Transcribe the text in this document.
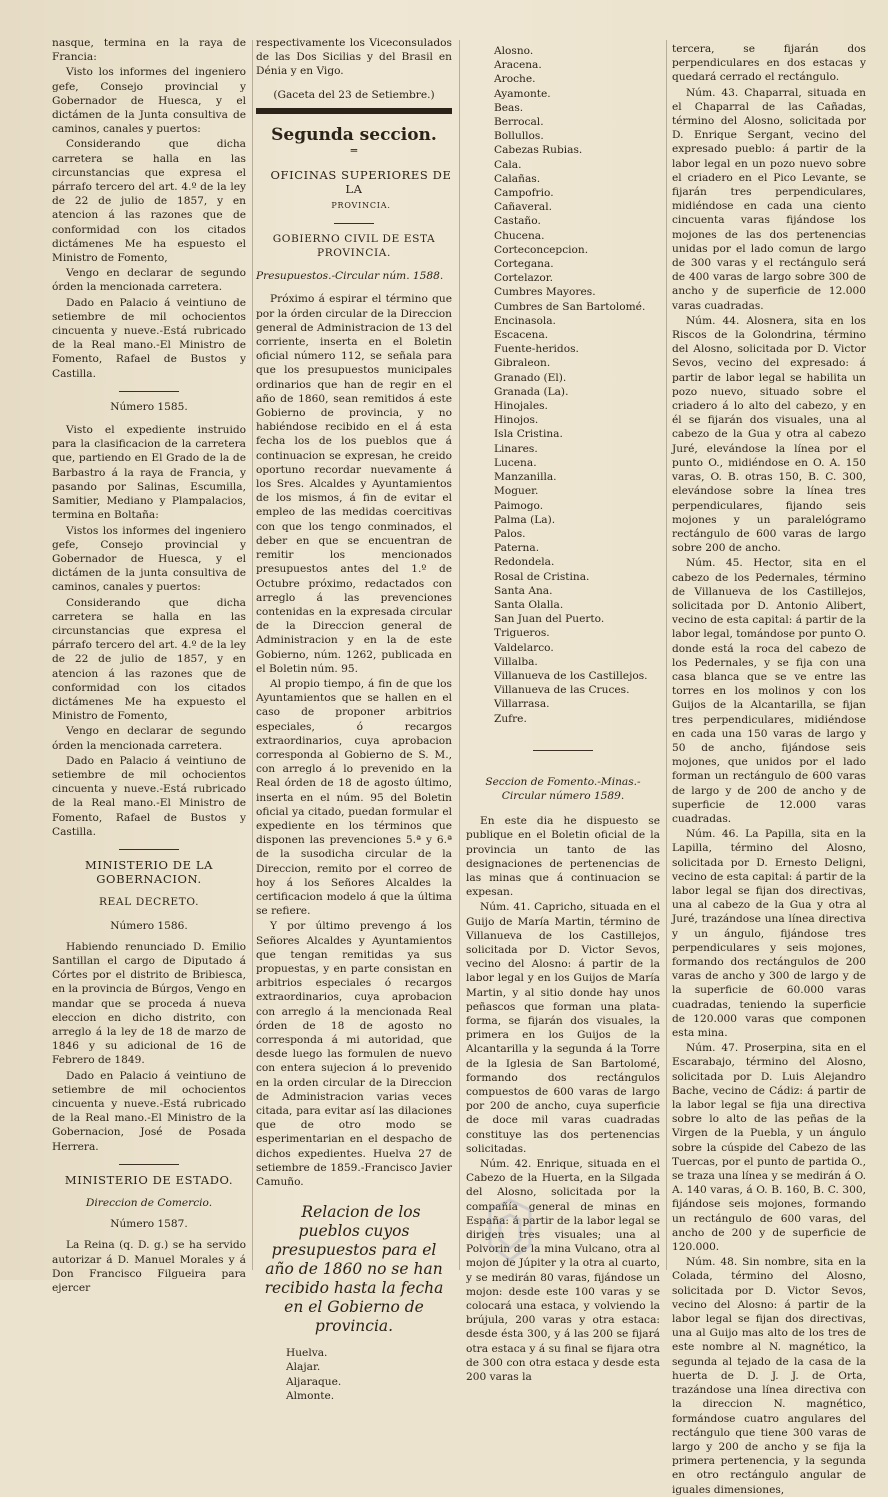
nasque, termina en la raya de Francia:

Visto los informes del ingeniero gefe, Consejo provincial y Gobernador de Huesca, y el dictámen de la Junta consultiva de caminos, canales y puertos:

Considerando que dicha carretera se halla en las circunstancias que expresa el párrafo tercero del art. 4.º de la ley de 22 de julio de 1857, y en atencion á las razones que de conformidad con los citados dictámenes Me ha espuesto el Ministro de Fomento,

Vengo en declarar de segundo órden la mencionada carretera.

Dado en Palacio á veintiuno de setiembre de mil ochocientos cincuenta y nueve.-Está rubricado de la Real mano.-El Ministro de Fomento, Rafael de Bustos y Castilla.

Número 1585.

Visto el expediente instruido para la clasificacion de la carretera que, partiendo en El Grado de la de Barbastro á la raya de Francia, y pasando por Salinas, Escumilla, Samitier, Mediano y Plampalacios, termina en Boltaña:

Vistos los informes del ingeniero gefe, Consejo provincial y Gobernador de Huesca, y el dictámen de la junta consultiva de caminos, canales y puertos:

Considerando que dicha carretera se halla en las circunstancias que expresa el párrafo tercero del art. 4.º de la ley de 22 de julio de 1857, y en atencion á las razones que de conformidad con los citados dictámenes Me ha expuesto el Ministro de Fomento,

Vengo en declarar de segundo órden la mencionada carretera.

Dado en Palacio á veintiuno de setiembre de mil ochocientos cincuenta y nueve.-Está rubricado de la Real mano.-El Ministro de Fomento, Rafael de Bustos y Castilla.

MINISTERIO DE LA GOBERNACION.

REAL DECRETO.

Número 1586.

Habiendo renunciado D. Emilio Santillan el cargo de Diputado á Córtes por el distrito de Bribiesca, en la provincia de Búrgos, Vengo en mandar que se proceda á nueva eleccion en dicho distrito, con arreglo á la ley de 18 de marzo de 1846 y su adicional de 16 de Febrero de 1849.

Dado en Palacio á veintiuno de setiembre de mil ochocientos cincuenta y nueve.-Está rubricado de la Real mano.-El Ministro de la Gobernacion, José de Posada Herrera.

MINISTERIO DE ESTADO.

Direccion de Comercio.

Número 1587.

La Reina (q. D. g.) se ha servido autorizar á D. Manuel Morales y á Don Francisco Filgueira para ejercer

respectivamente los Viceconsulados de las Dos Sicilias y del Brasil en Dénia y en Vigo.

(Gaceta del 23 de Setiembre.)

Segunda seccion.
═

OFICINAS SUPERIORES DE LA

PROVINCIA.

GOBIERNO CIVIL DE ESTA PROVINCIA.

Presupuestos.-Circular núm. 1588.

Próximo á espirar el término que por la órden circular de la Direccion general de Administracion de 13 del corriente, inserta en el Boletin oficial número 112, se señala para que los presupuestos municipales ordinarios que han de regir en el año de 1860, sean remitidos á este Gobierno de provincia, y no habiéndose recibido en el á esta fecha los de los pueblos que á continuacion se expresan, he creido oportuno recordar nuevamente á los Sres. Alcaldes y Ayuntamientos de los mismos, á fin de evitar el empleo de las medidas coercitivas con que los tengo conminados, el deber en que se encuentran de remitir los mencionados presupuestos antes del 1.º de Octubre próximo, redactados con arreglo á las prevenciones contenidas en la expresada circular de la Direccion general de Administracion y en la de este Gobierno, núm. 1262, publicada en el Boletin núm. 95.

Al propio tiempo, á fin de que los Ayuntamientos que se hallen en el caso de proponer arbitrios especiales, ó recargos extraordinarios, cuya aprobacion corresponda al Gobierno de S. M., con arreglo á lo prevenido en la Real órden de 18 de agosto último, inserta en el núm. 95 del Boletin oficial ya citado, puedan formular el expediente en los términos que disponen las prevenciones 5.ª y 6.ª de la susodicha circular de la Direccion, remito por el correo de hoy á los Señores Alcaldes la certificacion modelo á que la última se refiere.

Y por último prevengo á los Señores Alcaldes y Ayuntamientos que tengan remitidas ya sus propuestas, y en parte consistan en arbitrios especiales ó recargos extraordinarios, cuya aprobacion con arreglo á la mencionada Real órden de 18 de agosto no corresponda á mi autoridad, que desde luego las formulen de nuevo con entera sujecion á lo prevenido en la orden circular de la Direccion de Administracion varias veces citada, para evitar así las dilaciones que de otro modo se esperimentarian en el despacho de dichos expedientes. Huelva 27 de setiembre de 1859.-Francisco Javier Camuño.

Relacion de los pueblos cuyos presupuestos para el año de 1860 no se han recibido hasta la fecha en el Gobierno de provincia.

Huelva.
Alajar.
Aljaraque.
Almonte.
Alosno.
Aracena.
Aroche.
Ayamonte.
Beas.
Berrocal.
Bollullos.
Cabezas Rubias.
Cala.
Calañas.
Campofrio.
Cañaveral.
Castaño.
Chucena.
Corteconcepcion.
Cortegana.
Cortelazor.
Cumbres Mayores.
Cumbres de San Bartolomé.
Encinasola.
Escacena.
Fuente-heridos.
Gibraleon.
Granado (El).
Granada (La).
Hinojales.
Hinojos.
Isla Cristina.
Linares.
Lucena.
Manzanilla.
Moguer.
Paimogo.
Palma (La).
Palos.
Paterna.
Redondela.
Rosal de Cristina.
Santa Ana.
Santa Olalla.
San Juan del Puerto.
Trigueros.
Valdelarco.
Villalba.
Villanueva de los Castillejos.
Villanueva de las Cruces.
Villarrasa.
Zufre.

Seccion de Fomento.-Minas.-Circular número 1589.

En este dia he dispuesto se publique en el Boletin oficial de la provincia un tanto de las designaciones de pertenencias de las minas que á continuacion se expesan.

Núm. 41. Capricho, situada en el Guijo de María Martin, término de Villanueva de los Castillejos, solicitada por D. Victor Sevos, vecino del Alosno: á partir de la labor legal y en los Guijos de María Martin, y al sitio donde hay unos peñascos que forman una plata-forma, se fijarán dos visuales, la primera en los Guijos de la Alcantarilla y la segunda á la Torre de la Iglesia de San Bartolomé, formando dos rectángulos compuestos de 600 varas de largo por 200 de ancho, cuya superficie de doce mil varas cuadradas constituye las dos pertenencias solicitadas.

Núm. 42. Enrique, situada en el Cabezo de la Huerta, en la Silgada del Alosno, solicitada por la compañía general de minas en España: á partir de la labor legal se dirigen tres visuales; una al Polvorin de la mina Vulcano, otra al mojon de Júpiter y la otra al cuarto, y se medirán 80 varas, fijándose un mojon: desde este 100 varas y se colocará una estaca, y volviendo la brújula, 200 varas y otra estaca: desde ésta 300, y á las 200 se fijará otra estaca y á su final se fijara otra de 300 con otra estaca y desde esta 200 varas la

tercera, se fijarán dos perpendiculares en dos estacas y quedará cerrado el rectángulo.

Núm. 43. Chaparral, situada en el Chaparral de las Cañadas, término del Alosno, solicitada por D. Enrique Sergant, vecino del expresado pueblo: á partir de la labor legal en un pozo nuevo sobre el criadero en el Pico Levante, se fijarán tres perpendiculares, midiéndose en cada una ciento cincuenta varas fijándose los mojones de las dos pertenencias unidas por el lado comun de largo de 300 varas y el rectángulo será de 400 varas de largo sobre 300 de ancho y de superficie de 12.000 varas cuadradas.

Núm. 44. Alosnera, sita en los Riscos de la Golondrina, término del Alosno, solicitada por D. Victor Sevos, vecino del expresado: á partir de labor legal se habilita un pozo nuevo, situado sobre el criadero á lo alto del cabezo, y en él se fijarán dos visuales, una al cabezo de la Gua y otra al cabezo Juré, elevándose la línea por el punto O., midiéndose en O. A. 150 varas, O. B. otras 150, B. C. 300, elevándose sobre la línea tres perpendiculares, fijando seis mojones y un paralelógramo rectángulo de 600 varas de largo sobre 200 de ancho.

Núm. 45. Hector, sita en el cabezo de los Pedernales, término de Villanueva de los Castillejos, solicitada por D. Antonio Alibert, vecino de esta capital: á partir de la labor legal, tomándose por punto O. donde está la roca del cabezo de los Pedernales, y se fija con una casa blanca que se ve entre las torres en los molinos y con los Guijos de la Alcantarilla, se fijan tres perpendiculares, midiéndose en cada una 150 varas de largo y 50 de ancho, fijándose seis mojones, que unidos por el lado forman un rectángulo de 600 varas de largo y de 200 de ancho y de superficie de 12.000 varas cuadradas.

Núm. 46. La Papilla, sita en la Lapilla, término del Alosno, solicitada por D. Ernesto Deligni, vecino de esta capital: á partir de la labor legal se fijan dos directivas, una al cabezo de la Gua y otra al Juré, trazándose una línea directiva y un ángulo, fijándose tres perpendiculares y seis mojones, formando dos rectángulos de 200 varas de ancho y 300 de largo y de la superficie de 60.000 varas cuadradas, teniendo la superficie de 120.000 varas que componen esta mina.

Núm. 47. Proserpina, sita en el Escarabajo, término del Alosno, solicitada por D. Luis Alejandro Bache, vecino de Cádiz: á partir de la labor legal se fija una directiva sobre lo alto de las peñas de la Virgen de la Puebla, y un ángulo sobre la cúspide del Cabezo de las Tuercas, por el punto de partida O., se traza una línea y se medirán á O. A. 140 varas, á O. B. 160, B. C. 300, fijándose seis mojones, formando un rectángulo de 600 varas, del ancho de 200 y de superficie de 120.000.

Núm. 48. Sin nombre, sita en la Colada, término del Alosno, solicitada por D. Victor Sevos, vecino del Alosno: á partir de la labor legal se fijan dos directivas, una al Guijo mas alto de los tres de este nombre al N. magnético, la segunda al tejado de la casa de la huerta de D. J. J. de Orta, trazándose una línea directiva con la direccion N. magnético, formándose cuatro angulares del rectángulo que tiene 300 varas de largo y 200 de ancho y se fija la primera pertenencia, y la segunda en otro rectángulo angular de iguales dimensiones,
